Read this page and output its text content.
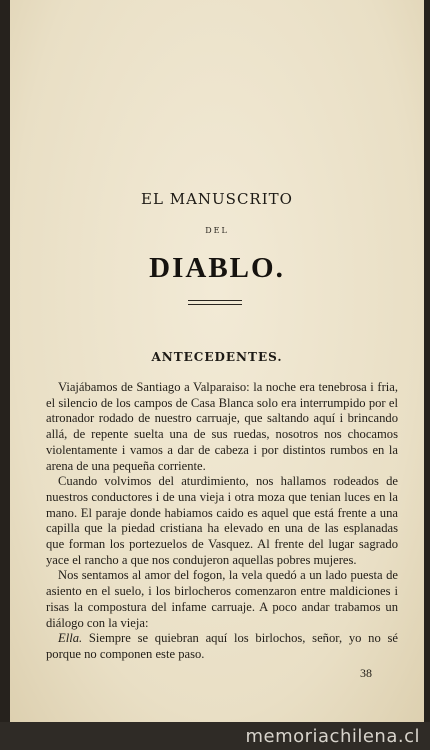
EL MANUSCRITO
DEL
DIABLO.
ANTECEDENTES.

Viajábamos de Santiago a Valparaiso: la noche era tenebrosa i fria, el silencio de los campos de Casa Blanca solo era interrumpido por el atronador rodado de nuestro carruaje, que saltando aquí i brincando allá, de repente suelta una de sus ruedas, nosotros nos chocamos violentamente i vamos a dar de cabeza i por distintos rumbos en la arena de una pequeña corriente.

Cuando volvimos del aturdimiento, nos hallamos rodeados de nuestros conductores i de una vieja i otra moza que tenian luces en la mano. El paraje donde habiamos caido es aquel que está frente a una capilla que la piedad cristiana ha elevado en una de las esplanadas que forman los portezuelos de Vasquez. Al frente del lugar sagrado yace el rancho a que nos condujeron aquellas pobres mujeres.

Nos sentamos al amor del fogon, la vela quedó a un lado puesta de asiento en el suelo, i los birlocheros comenzaron entre maldiciones i risas la compostura del infame carruaje. A poco andar trabamos un diálogo con la vieja:

Ella. Siempre se quiebran aquí los birlochos, señor, yo no sé porque no componen este paso.

38
memoriachilena.cl
